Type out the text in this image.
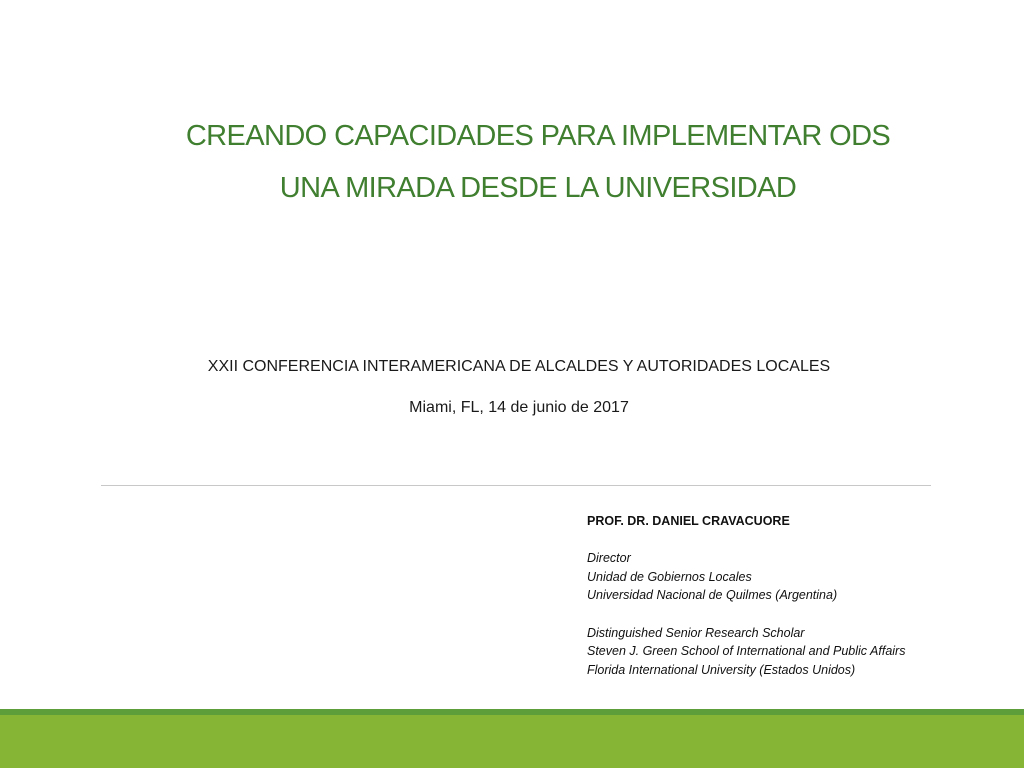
CREANDO CAPACIDADES PARA IMPLEMENTAR ODS
UNA MIRADA DESDE LA UNIVERSIDAD
XXII CONFERENCIA INTERAMERICANA DE ALCALDES Y AUTORIDADES LOCALES
Miami, FL, 14 de junio de 2017
PROF. DR. DANIEL CRAVACUORE
Director
Unidad de Gobiernos Locales
Universidad Nacional de Quilmes (Argentina)
Distinguished Senior Research Scholar
Steven J. Green School of International and Public Affairs
Florida International University (Estados Unidos)
